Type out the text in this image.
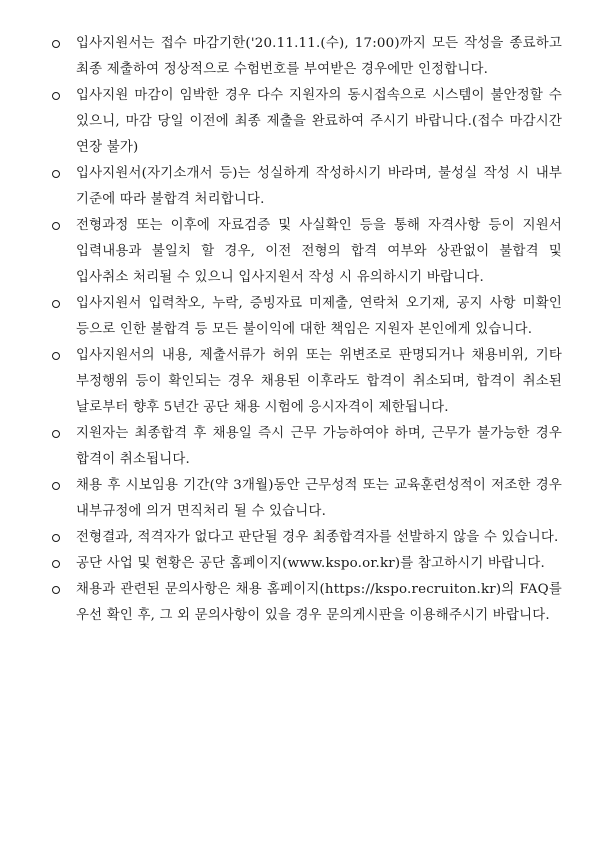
입사지원서는 접수 마감기한('20.11.11.(수), 17:00)까지 모든 작성을 종료하고 최종 제출하여 정상적으로 수험번호를 부여받은 경우에만 인정합니다.
입사지원 마감이 임박한 경우 다수 지원자의 동시접속으로 시스템이 불안정할 수 있으니, 마감 당일 이전에 최종 제출을 완료하여 주시기 바랍니다.(접수 마감시간 연장 불가)
입사지원서(자기소개서 등)는 성실하게 작성하시기 바라며, 불성실 작성 시 내부 기준에 따라 불합격 처리합니다.
전형과정 또는 이후에 자료검증 및 사실확인 등을 통해 자격사항 등이 지원서 입력내용과 불일치 할 경우, 이전 전형의 합격 여부와 상관없이 불합격 및 입사취소 처리될 수 있으니 입사지원서 작성 시 유의하시기 바랍니다.
입사지원서 입력착오, 누락, 증빙자료 미제출, 연락처 오기재, 공지 사항 미확인 등으로 인한 불합격 등 모든 불이익에 대한 책임은 지원자 본인에게 있습니다.
입사지원서의 내용, 제출서류가 허위 또는 위변조로 판명되거나 채용비위, 기타 부정행위 등이 확인되는 경우 채용된 이후라도 합격이 취소되며, 합격이 취소된 날로부터 향후 5년간 공단 채용 시험에 응시자격이 제한됩니다.
지원자는 최종합격 후 채용일 즉시 근무 가능하여야 하며, 근무가 불가능한 경우 합격이 취소됩니다.
채용 후 시보임용 기간(약 3개월)동안 근무성적 또는 교육훈련성적이 저조한 경우 내부규정에 의거 면직처리 될 수 있습니다.
전형결과, 적격자가 없다고 판단될 경우 최종합격자를 선발하지 않을 수 있습니다.
공단 사업 및 현황은 공단 홈페이지(www.kspo.or.kr)를 참고하시기 바랍니다.
채용과 관련된 문의사항은 채용 홈페이지(https://kspo.recruiton.kr)의 FAQ를 우선 확인 후, 그 외 문의사항이 있을 경우 문의게시판을 이용해주시기 바랍니다.
